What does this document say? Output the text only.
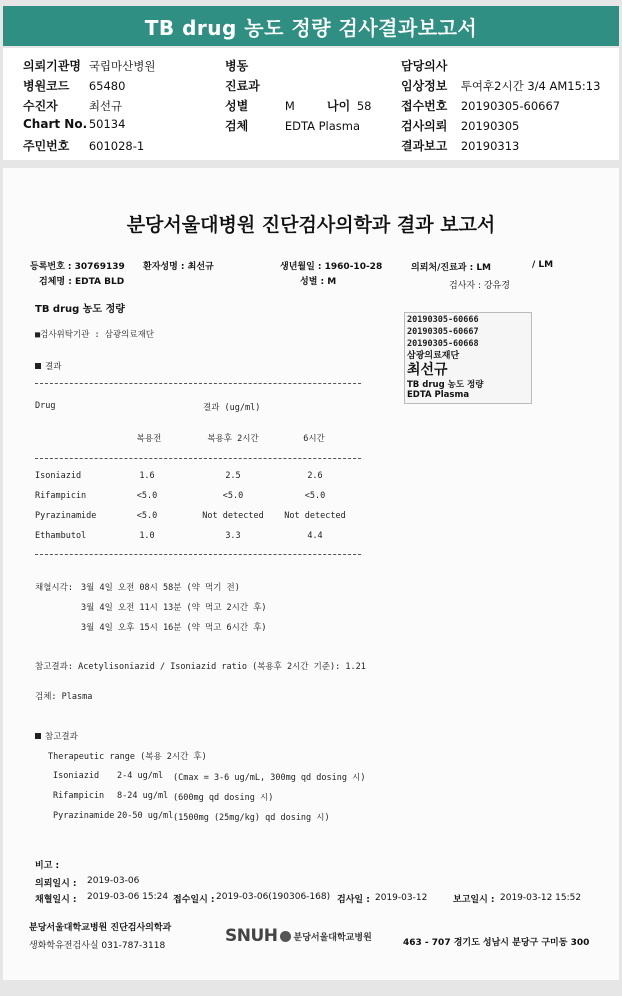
TB drug 농도 정량 검사결과보고서
의뢰기관명 국립마산병원
병원코드 65480
수진자	최선규
Chart No. 50134
주민번호 601028-1
병동
진료과
성별	M	나이 58
검체	EDTA Plasma
담당의사
임상정보 투여후2시간 3/4 AM15:13
접수번호 20190305-60667
검사의뢰 20190305
결과보고 20190313
분당서울대병원 진단검사의학과 결과 보고서
등록번호 : 30769139 환자성명 : 최선규	생년월일 : 1960-10-28	의뢰처/진료과 : LM	/ LM
검체명 : EDTA BLD	성별 : M	검사자 : 강유경
TB drug 농도 정량
■검사위탁기관 : 삼광의료재단
20190305-60666
20190305-60667
20190305-60668
삼광의료재단
최선규
TB drug 농도 정량
EDTA Plasma
결과
Drug	결과 (ug/ml)
복용전	복용후 2시간	6시간
Isoniazid	1.6	2.5	2.6
Rifampicin	<5.0	<5.0	<5.0
Pyrazinamide	<5.0	Not detected	Not detected
Ethambutol	1.0	3.3	4.4
채혈시각: 3월 4일 오전 08시 58분 (약 먹기 전)
3월 4일 오전 11시 13분 (약 먹고 2시간 후)
3월 4일 오후 15시 16분 (약 먹고 6시간 후)
참고결과: Acetylisoniazid / Isoniazid ratio (복용후 2시간 기준): 1.21
검체: Plasma
참고결과
Therapeutic range (복용 2시간 후)
Isoniazid 2-4 ug/ml (Cmax = 3-6 ug/mL, 300mg qd dosing 시)
Rifampicin 8-24 ug/ml (600mg qd dosing 시)
Pyrazinamide 20-50 ug/ml (1500mg (25mg/kg) qd dosing 시)
비고 :
의뢰일시 : 2019-03-06
채혈일시 : 2019-03-06 15:24 접수일시 : 2019-03-06(190306-168) 검사일 : 2019-03-12	보고일시 : 2019-03-12 15:52
분당서울대학교병원 진단검사의학과
생화학유전검사실 031-787-3118	SNUH 분당서울대학교병원
463 - 707 경기도 성남시 분당구 구미동 300
